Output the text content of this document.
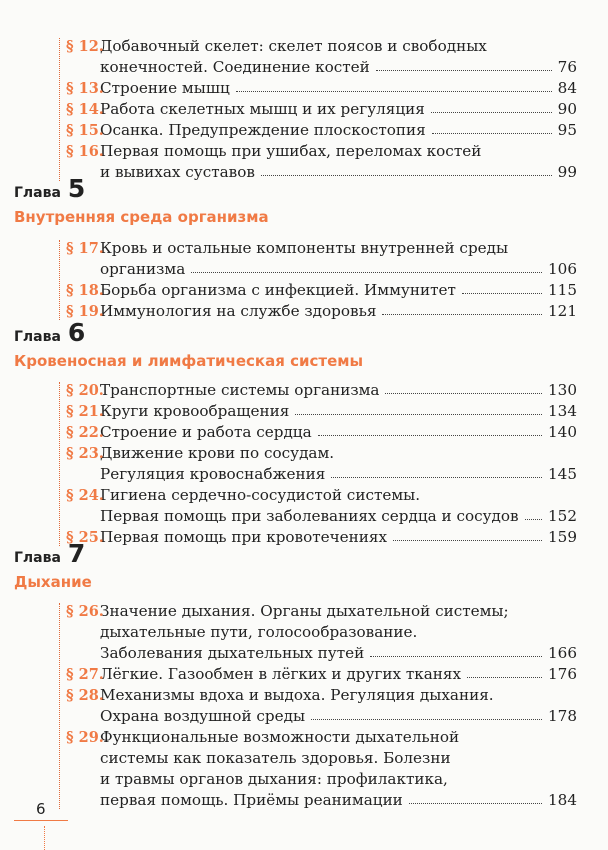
§ 12.
Добавочный скелет: скелет поясов и свободных
конечностей. Соединение костей	76
§ 13.
Строение мышц	84
§ 14.
Работа скелетных мышц и их регуляция	90
§ 15.
Осанка. Предупреждение плоскостопия	95
§ 16.
Первая помощь при ушибах, переломах костей
и вывихах суставов	99
Глава 5
Внутренняя среда организма
§ 17.
Кровь и остальные компоненты внутренней среды
организма	106
§ 18.
Борьба организма с инфекцией. Иммунитет	115
§ 19.
Иммунология на службе здоровья	121
Глава 6
Кровеносная и лимфатическая системы
§ 20.
Транспортные системы организма	130
§ 21.
Круги кровообращения	134
§ 22.
Строение и работа сердца	140
§ 23.
Движение крови по сосудам.
Регуляция кровоснабжения	145
§ 24.
Гигиена сердечно-сосудистой системы.
Первая помощь при заболеваниях сердца и сосудов 152
§ 25.
Первая помощь при кровотечениях	159
Глава 7
Дыхание
§ 26.
Значение дыхания. Органы дыхательной системы;
дыхательные пути, голосообразование.
Заболевания дыхательных путей	166
§ 27.
Лёгкие. Газообмен в лёгких и других тканях	176
§ 28.
Механизмы вдоха и выдоха. Регуляция дыхания.
Охрана воздушной среды	178
§ 29.
Функциональные возможности дыхательной
системы как показатель здоровья. Болезни
и травмы органов дыхания: профилактика,
первая помощь. Приёмы реанимации	184
6
